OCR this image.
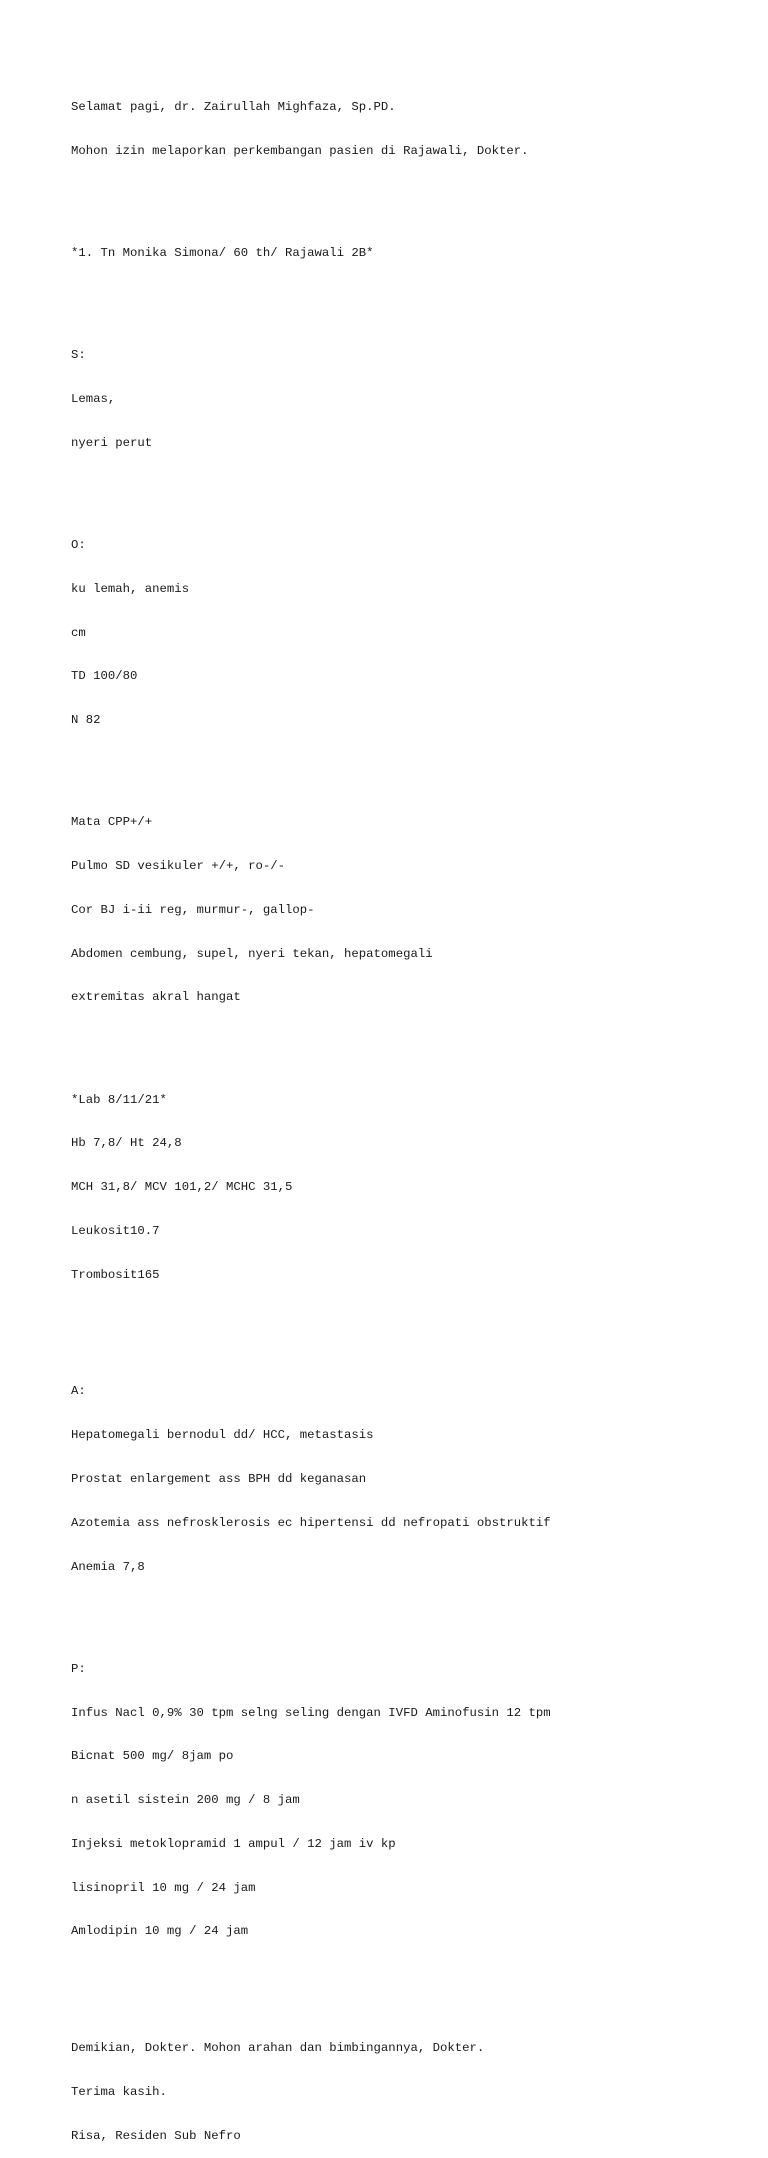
Selamat pagi, dr. Zairullah Mighfaza, Sp.PD.

Mohon izin melaporkan perkembangan pasien di Rajawali, Dokter.

*1. Tn Monika Simona/ 60 th/ Rajawali 2B*

S:

Lemas,

nyeri perut

O:

ku lemah, anemis

cm

TD 100/80

N 82

Mata CPP+/+

Pulmo SD vesikuler +/+, ro-/-

Cor BJ i-ii reg, murmur-, gallop-

Abdomen cembung, supel, nyeri tekan, hepatomegali

extremitas akral hangat

*Lab 8/11/21*

Hb 7,8/ Ht 24,8

MCH 31,8/ MCV 101,2/ MCHC 31,5

Leukosit10.7

Trombosit165

A:

Hepatomegali bernodul dd/ HCC, metastasis

Prostat enlargement ass BPH dd keganasan

Azotemia ass nefrosklerosis ec hipertensi dd nefropati obstruktif

Anemia 7,8

P:

Infus Nacl 0,9% 30 tpm selng seling dengan IVFD Aminofusin 12 tpm

Bicnat 500 mg/ 8jam po

n asetil sistein 200 mg / 8 jam

Injeksi metoklopramid 1 ampul / 12 jam iv kp

lisinopril 10 mg / 24 jam

Amlodipin 10 mg / 24 jam

Demikian, Dokter. Mohon arahan dan bimbingannya, Dokter.

Terima kasih.

Risa, Residen Sub Nefro
